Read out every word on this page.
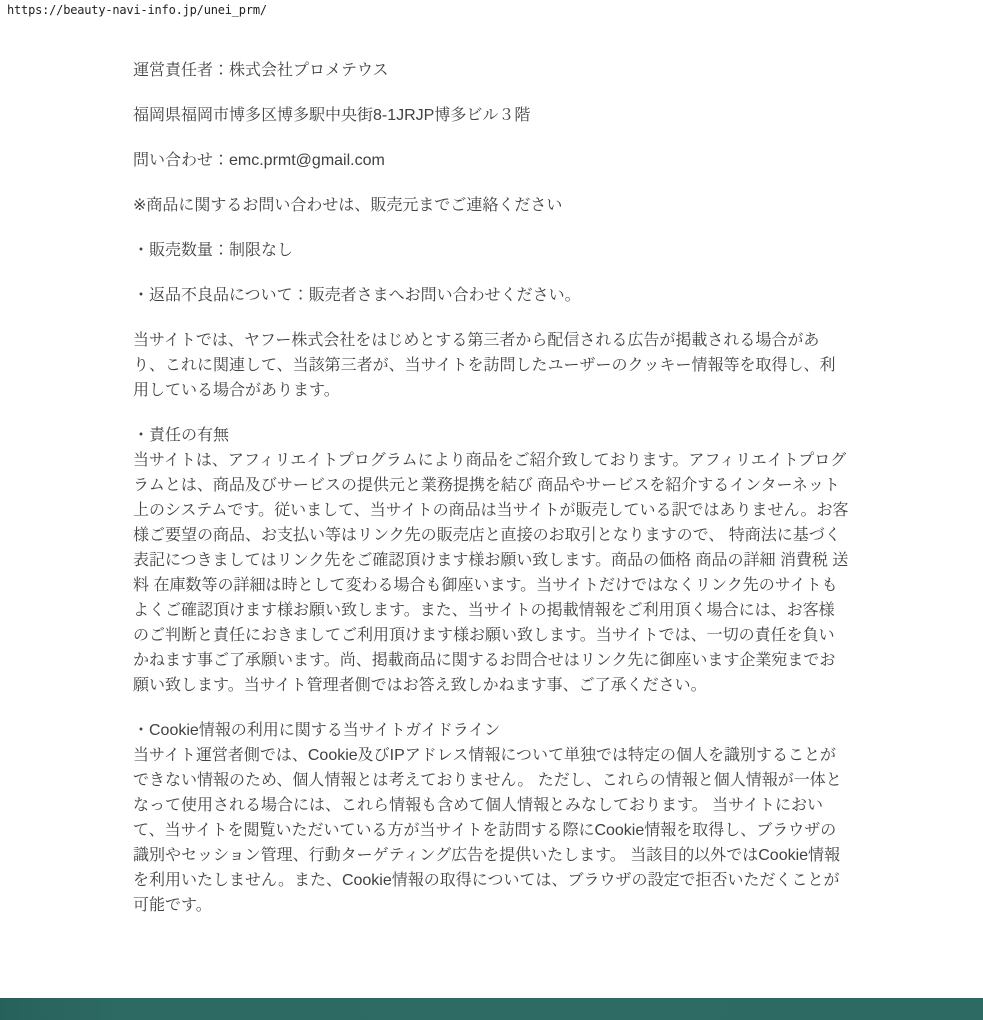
https://beauty-navi-info.jp/unei_prm/

運営責任者：株式会社プロメテウス

福岡県福岡市博多区博多駅中央街8-1JRJP博多ビル３階

問い合わせ：emc.prmt@gmail.com

※商品に関するお問い合わせは、販売元までご連絡ください

・販売数量：制限なし

・返品不良品について：販売者さまへお問い合わせください。

当サイトでは、ヤフー株式会社をはじめとする第三者から配信される広告が掲載される場合があり、これに関連して、当該第三者が、当サイトを訪問したユーザーのクッキー情報等を取得し、利用している場合があります。

・責任の有無
当サイトは、アフィリエイトプログラムにより商品をご紹介致しております。アフィリエイトプログラムとは、商品及びサービスの提供元と業務提携を結び 商品やサービスを紹介するインターネット上のシステムです。従いまして、当サイトの商品は当サイトが販売している訳ではありません。お客様ご要望の商品、お支払い等はリンク先の販売店と直接のお取引となりますので、 特商法に基づく表記につきましてはリンク先をご確認頂けます様お願い致します。商品の価格 商品の詳細 消費税 送料 在庫数等の詳細は時として変わる場合も御座います。当サイトだけではなくリンク先のサイトもよくご確認頂けます様お願い致します。また、当サイトの掲載情報をご利用頂く場合には、お客様のご判断と責任におきましてご利用頂けます様お願い致します。当サイトでは、一切の責任を負いかねます事ご了承願います。尚、掲載商品に関するお問合せはリンク先に御座います企業宛までお願い致します。当サイト管理者側ではお答え致しかねます事、ご了承ください。

・Cookie情報の利用に関する当サイトガイドライン
当サイト運営者側では、Cookie及びIPアドレス情報について単独では特定の個人を識別することができない情報のため、個人情報とは考えておりません。 ただし、これらの情報と個人情報が一体となって使用される場合には、これら情報も含めて個人情報とみなしております。 当サイトにおいて、当サイトを閲覧いただいている方が当サイトを訪問する際にCookie情報を取得し、ブラウザの識別やセッション管理、行動ターゲティング広告を提供いたします。 当該目的以外ではCookie情報を利用いたしません。また、Cookie情報の取得については、ブラウザの設定で拒否いただくことが可能です。
